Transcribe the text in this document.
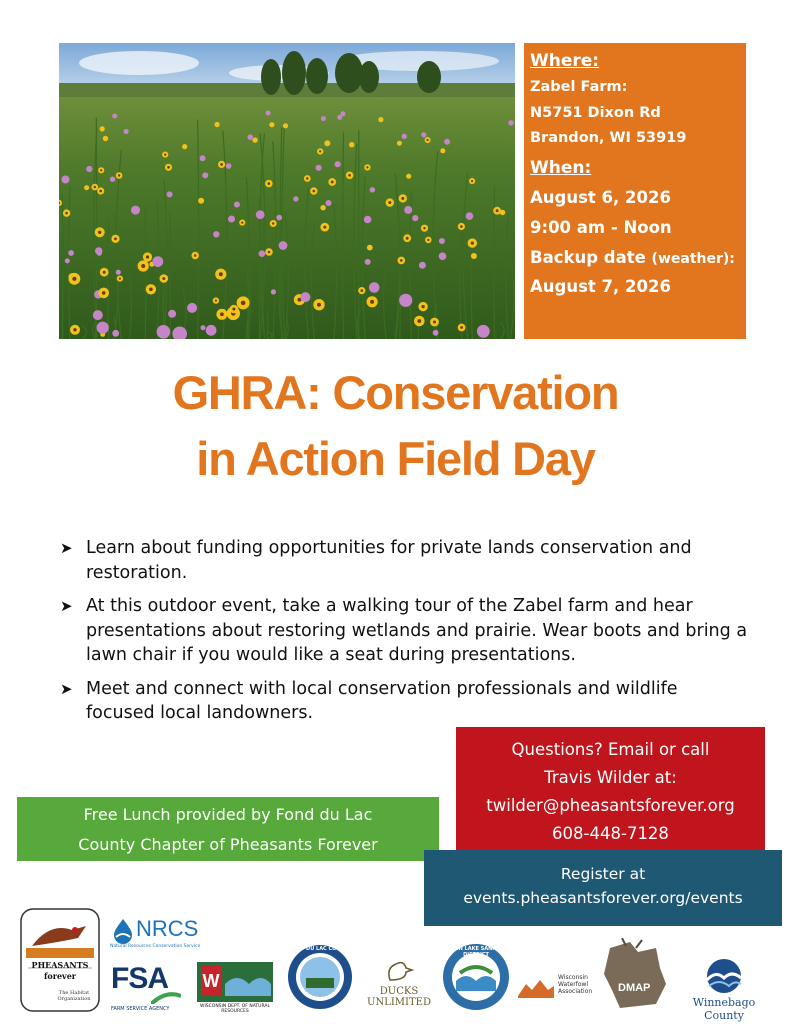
Where:
Zabel Farm:
N5751 Dixon Rd
Brandon, WI 53919
When:
August 6, 2026
9:00 am - Noon
Backup date (weather):
August 7, 2026
GHRA: Conservation
in Action Field Day
➤ Learn about funding opportunities for private lands conservation and restoration.
➤ At this outdoor event, take a walking tour of the Zabel farm and hear presentations about restoring wetlands and prairie. Wear boots and bring a lawn chair if you would like a seat during presentations.
➤ Meet and connect with local conservation professionals and wildlife focused local landowners.
Free Lunch provided by Fond du Lac
County Chapter of Pheasants Forever
Questions? Email or call
Travis Wilder at:
twilder@pheasantsforever.org
608-448-7128
Register at
events.pheasantsforever.org/events
PHEASANTS forever
The Habitat Organization
NRCS
Natural Resources Conservation Service
FSA
FARM SERVICE AGENCY
W
WISCONSIN DEPT. OF NATURAL RESOURCES
FOND DU LAC COUNTY
DUCKS UNLIMITED
GREEN LAKE SANITARY DISTRICT
Wisconsin Waterfowl Association	DMAP
Winnebago County
